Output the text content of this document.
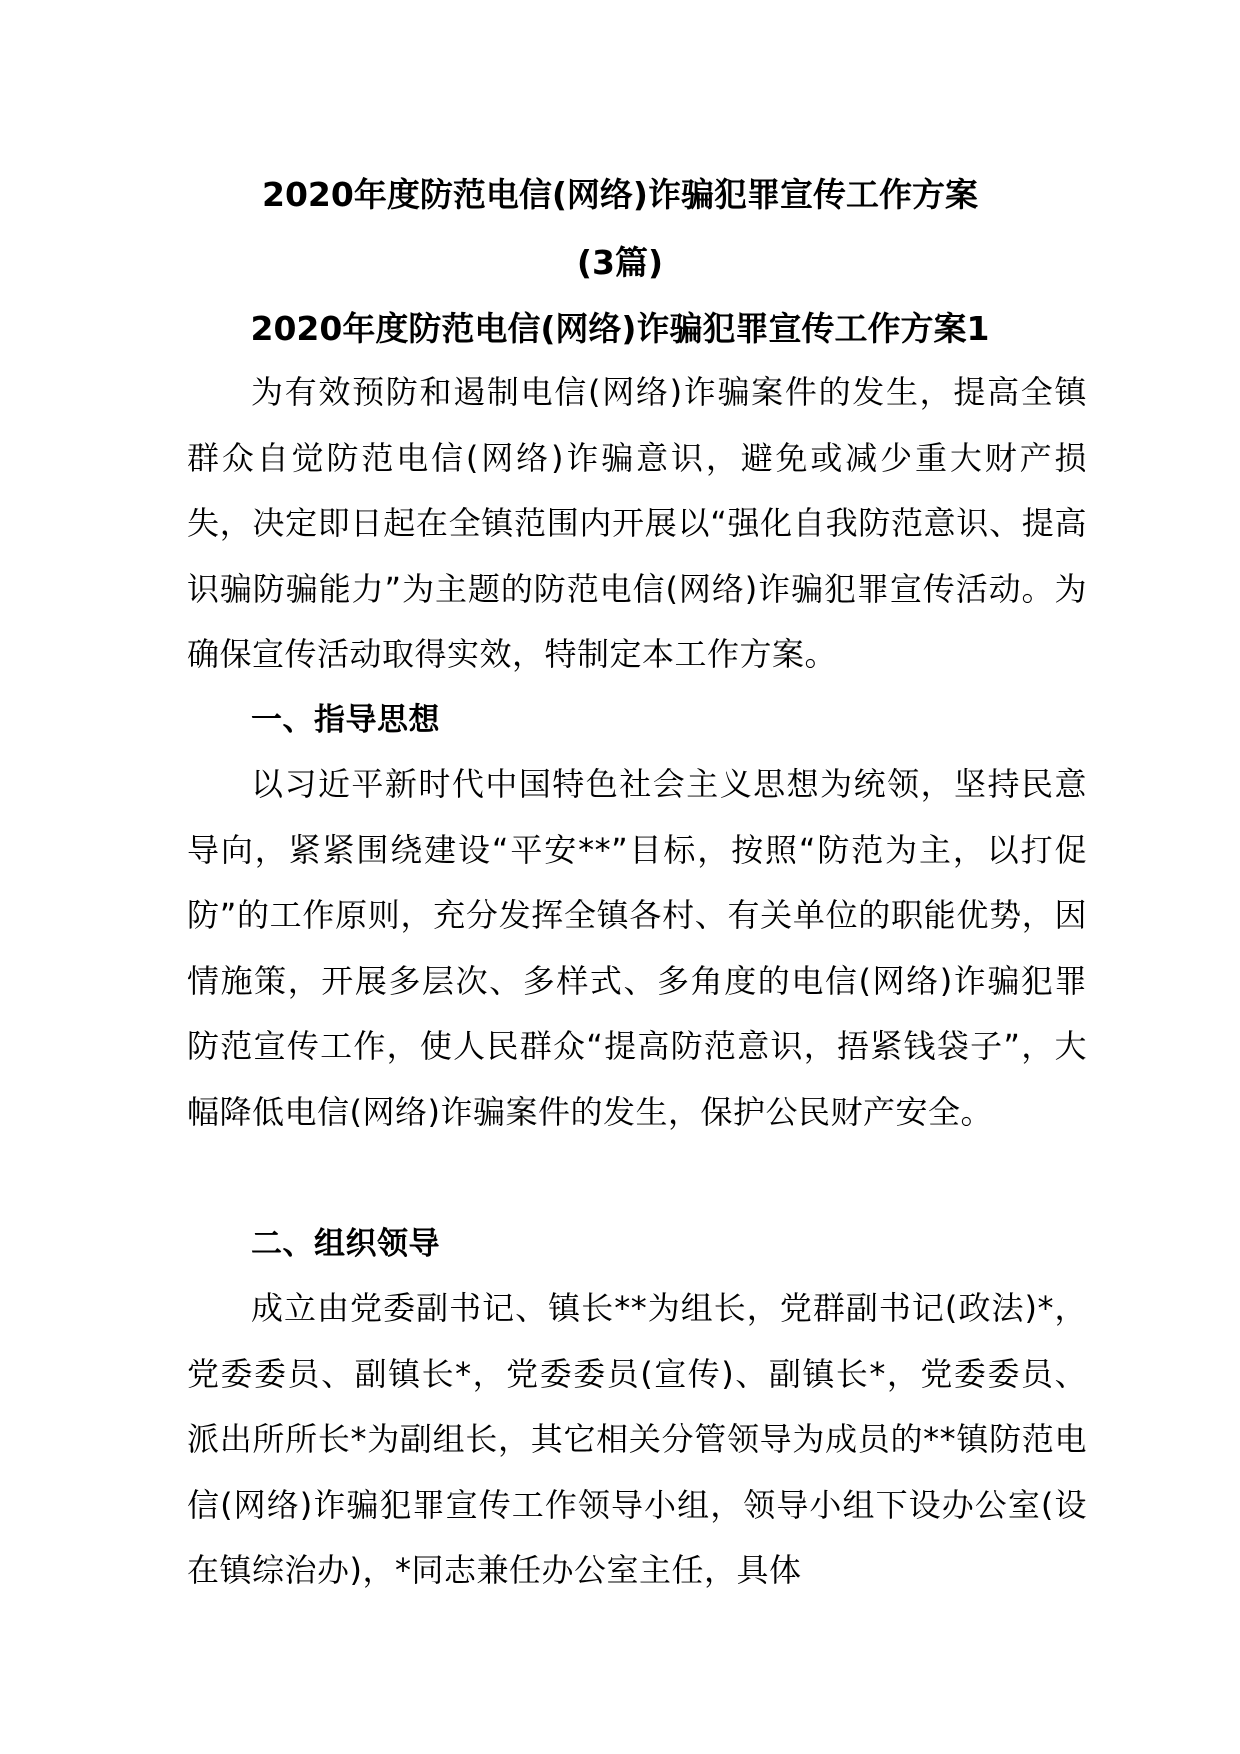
2020年度防范电信(网络)诈骗犯罪宣传工作方案
(3篇)
2020年度防范电信(网络)诈骗犯罪宣传工作方案1

为有效预防和遏制电信(网络)诈骗案件的发生，提高全镇群众自觉防范电信(网络)诈骗意识，避免或减少重大财产损失，决定即日起在全镇范围内开展以“强化自我防范意识、提高识骗防骗能力”为主题的防范电信(网络)诈骗犯罪宣传活动。为确保宣传活动取得实效，特制定本工作方案。

一、指导思想

以习近平新时代中国特色社会主义思想为统领，坚持民意导向，紧紧围绕建设“平安**”目标，按照“防范为主，以打促防”的工作原则，充分发挥全镇各村、有关单位的职能优势，因情施策，开展多层次、多样式、多角度的电信(网络)诈骗犯罪防范宣传工作，使人民群众“提高防范意识，捂紧钱袋子”，大幅降低电信(网络)诈骗案件的发生，保护公民财产安全。

二、组织领导

成立由党委副书记、镇长**为组长，党群副书记(政法)*，党委委员、副镇长*，党委委员(宣传)、副镇长*，党委委员、派出所所长*为副组长，其它相关分管领导为成员的**镇防范电信(网络)诈骗犯罪宣传工作领导小组，领导小组下设办公室(设在镇综治办)，*同志兼任办公室主任，具体
